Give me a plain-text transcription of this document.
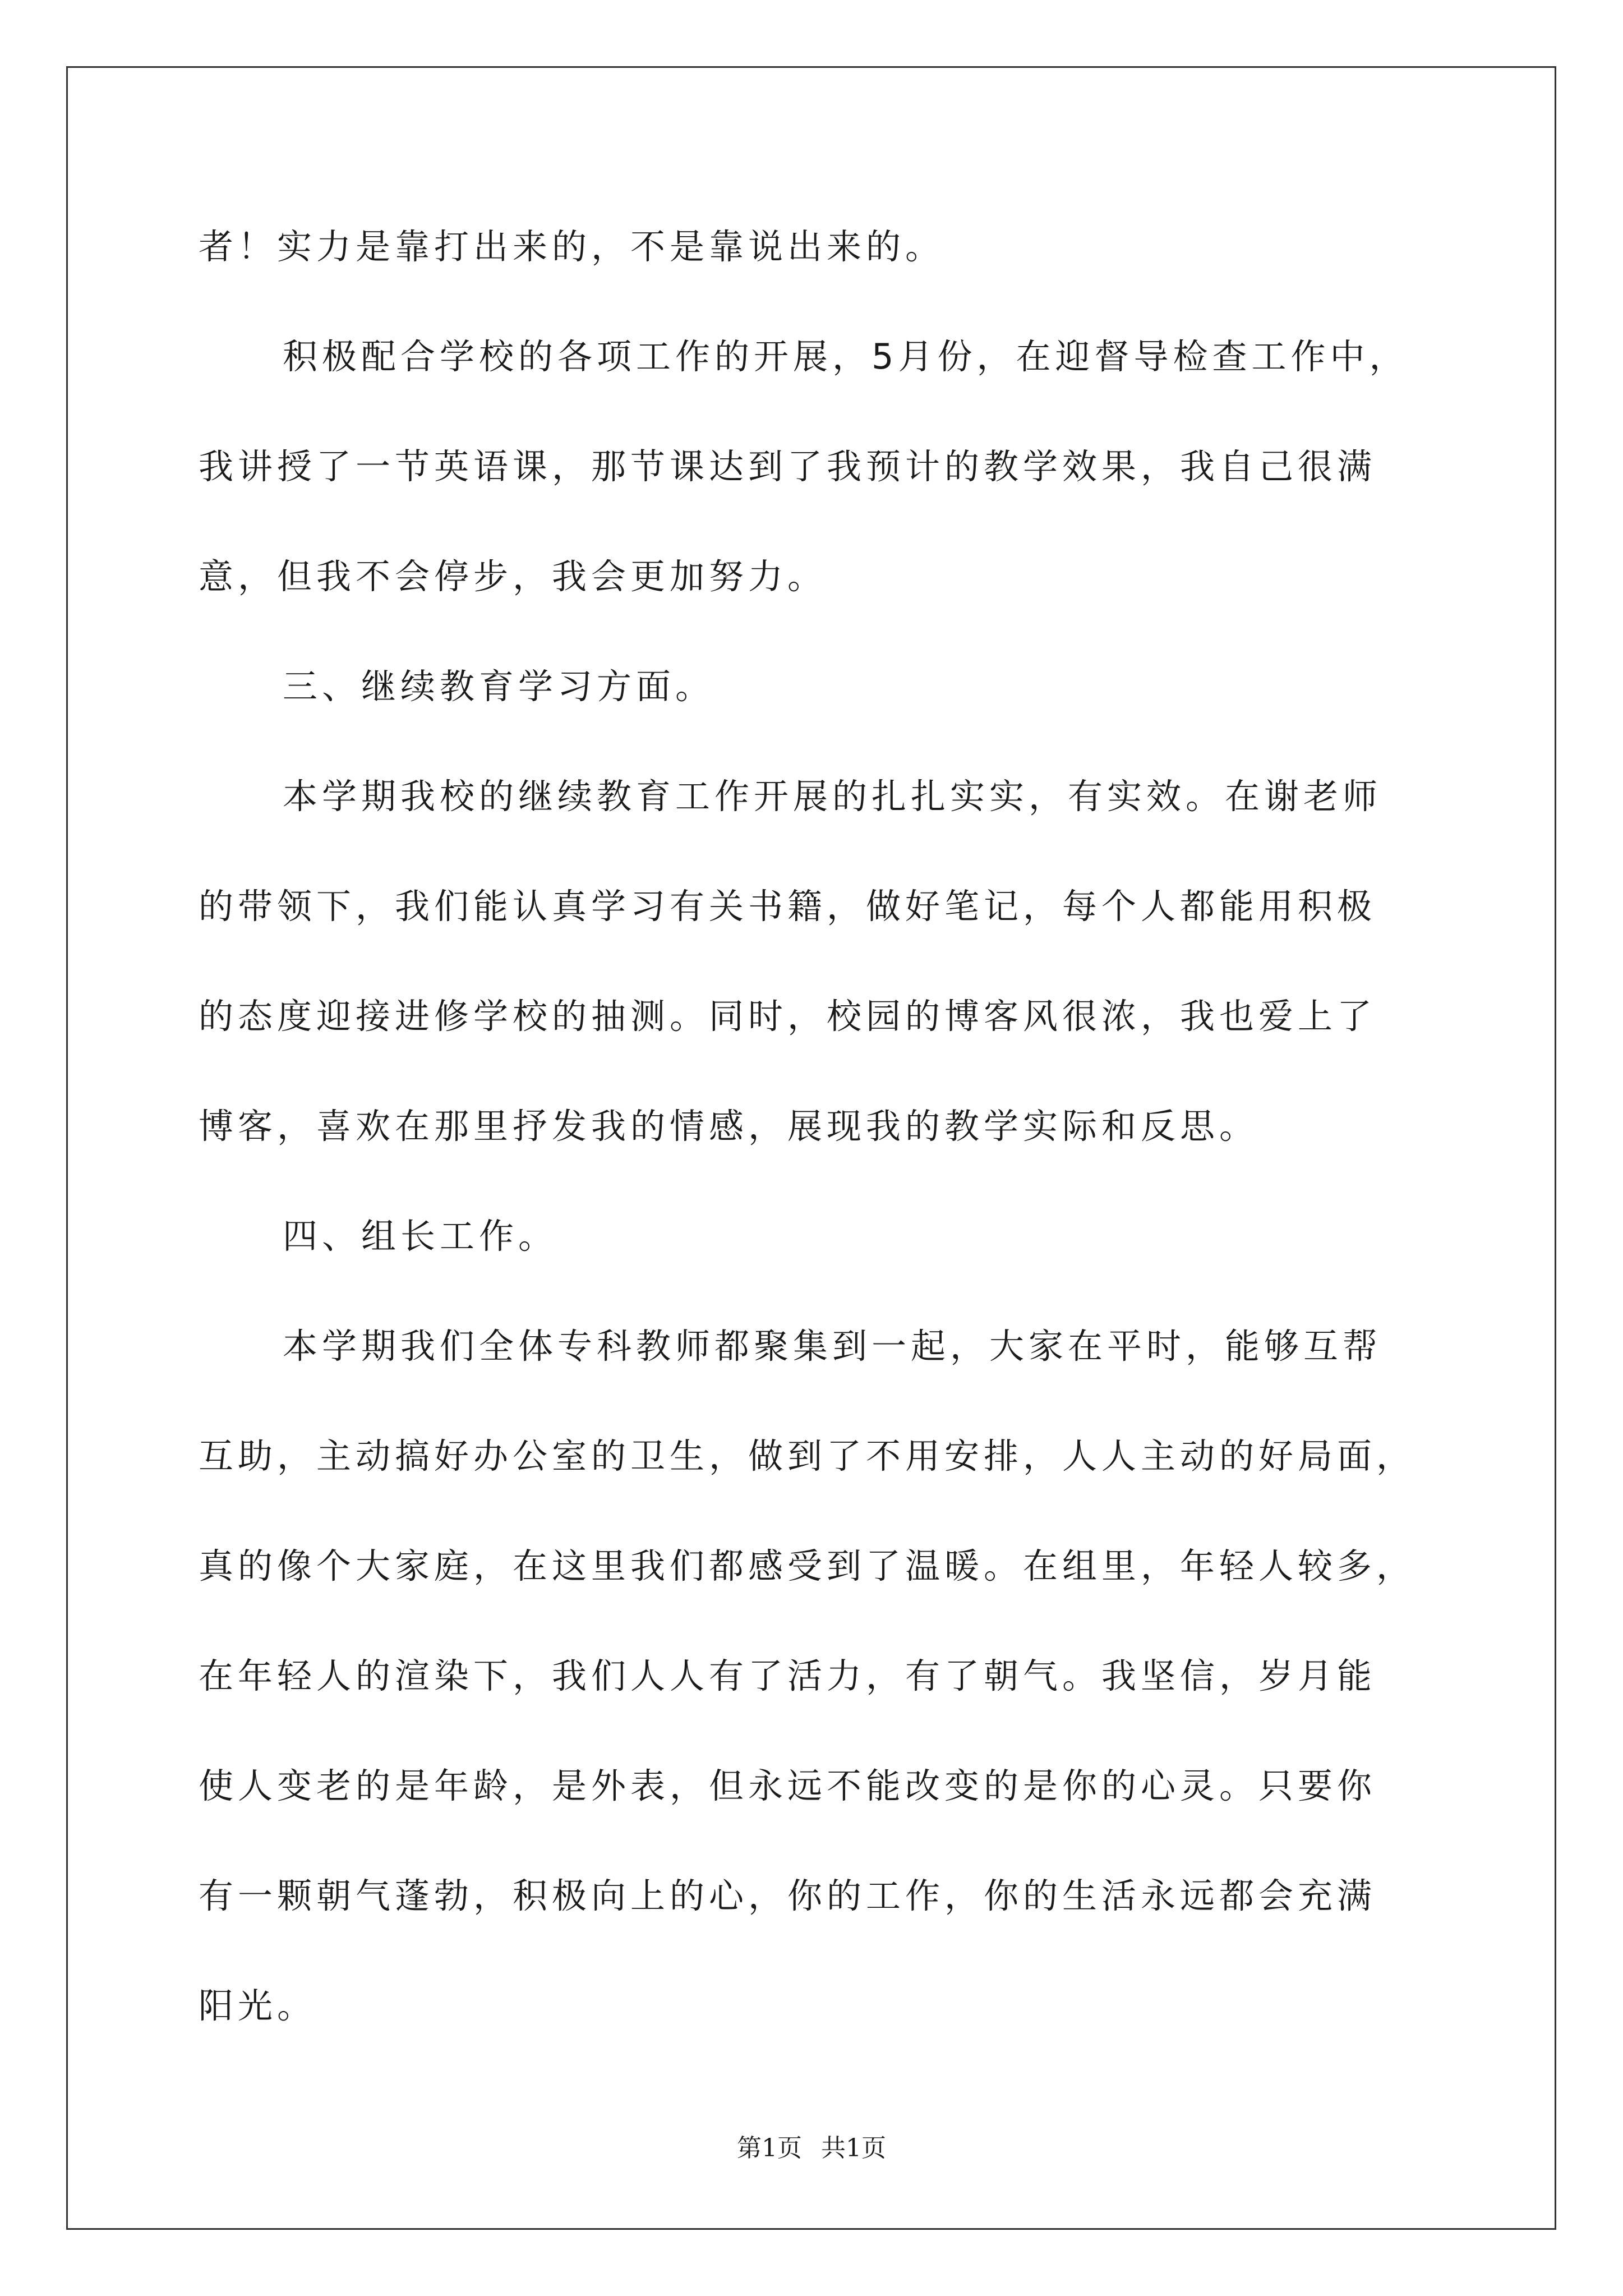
者！实力是靠打出来的，不是靠说出来的。
积极配合学校的各项工作的开展，5月份，在迎督导检查工作中，
我讲授了一节英语课，那节课达到了我预计的教学效果，我自己很满
意，但我不会停步，我会更加努力。
三、继续教育学习方面。
本学期我校的继续教育工作开展的扎扎实实，有实效。在谢老师
的带领下，我们能认真学习有关书籍，做好笔记，每个人都能用积极
的态度迎接进修学校的抽测。同时，校园的博客风很浓，我也爱上了
博客，喜欢在那里抒发我的情感，展现我的教学实际和反思。
四、组长工作。
本学期我们全体专科教师都聚集到一起，大家在平时，能够互帮
互助，主动搞好办公室的卫生，做到了不用安排，人人主动的好局面，
真的像个大家庭，在这里我们都感受到了温暖。在组里，年轻人较多，
在年轻人的渲染下，我们人人有了活力，有了朝气。我坚信，岁月能
使人变老的是年龄，是外表，但永远不能改变的是你的心灵。只要你
有一颗朝气蓬勃，积极向上的心，你的工作，你的生活永远都会充满
阳光。
第1页 共1页
